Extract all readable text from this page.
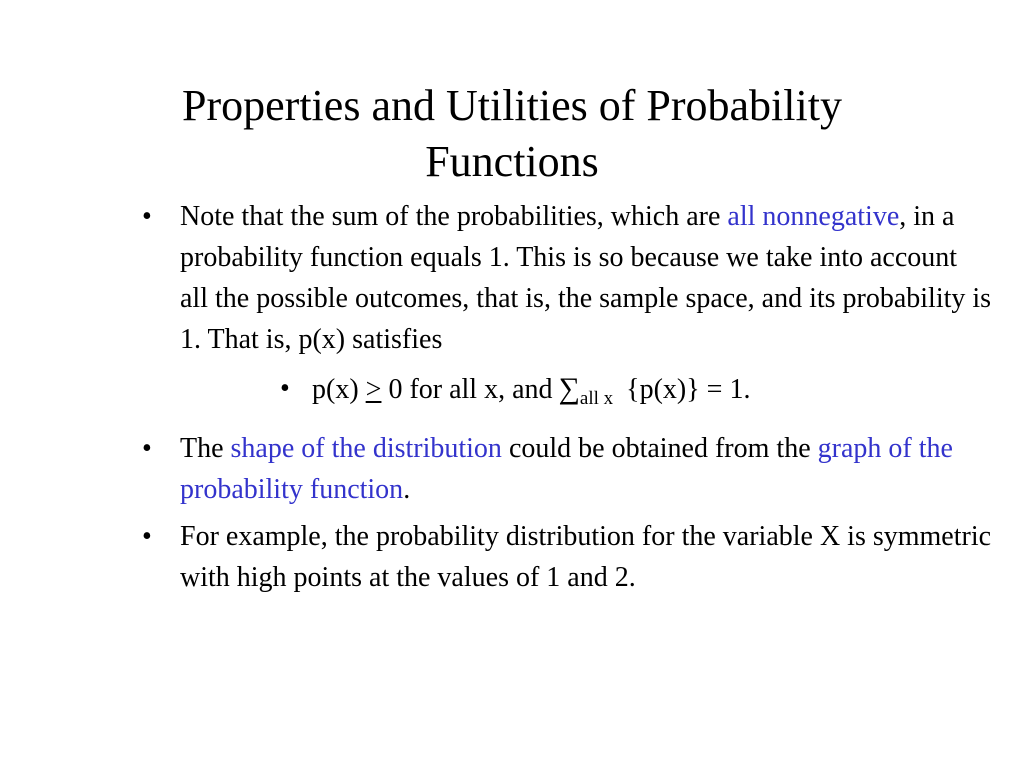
Properties and Utilities of Probability
Functions
• Note that the sum of the probabilities, which are all nonnegative, in a probability function equals 1. This is so because we take into account all the possible outcomes, that is, the sample space, and its probability is 1. That is, p(x) satisfies
• p(x) ≥ 0 for all x, and $\sum_{all x}$ {p(x)} = 1.
• The shape of the distribution could be obtained from the graph of the probability function.
• For example, the probability distribution for the variable X is symmetric with high points at the values of 1 and 2.
